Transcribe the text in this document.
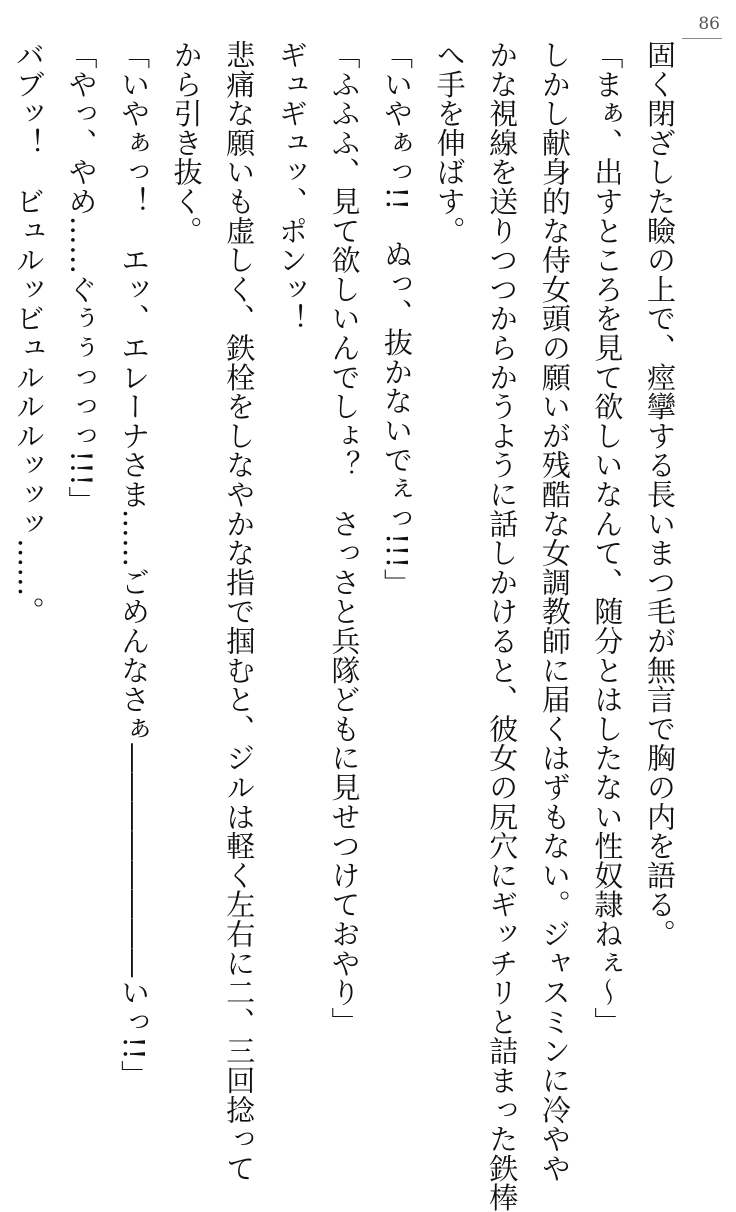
86
固く閉ざした瞼の上で、痙攣する長いまつ毛が無言で胸の内を語る。
「まぁ、出すところを見て欲しいなんて、随分とはしたない性奴隷ねぇ～」
しかし献身的な侍女頭の願いが残酷な女調教師に届くはずもない。ジャスミンに冷やや
かな視線を送りつつからかうように話しかけると、彼女の尻穴にギッチリと詰まった鉄棒
へ手を伸ばす。
「いやぁっ!!　ぬっ、抜かないでぇっ!!!」
「ふふふ、見て欲しいんでしょ？　さっさと兵隊どもに見せつけておやり」
ギュギュッ、ポンッ！
悲痛な願いも虚しく、鉄栓をしなやかな指で掴むと、ジルは軽く左右に二、三回捻って
から引き抜く。
「いやぁっ！　エッ、エレーナさま……ごめんなさぁ――――――――いっ!!」
「やっ、やめ……ぐぅぅっっっ!!!」
バブッ！　ビュルッビュルルルッッッ……。
